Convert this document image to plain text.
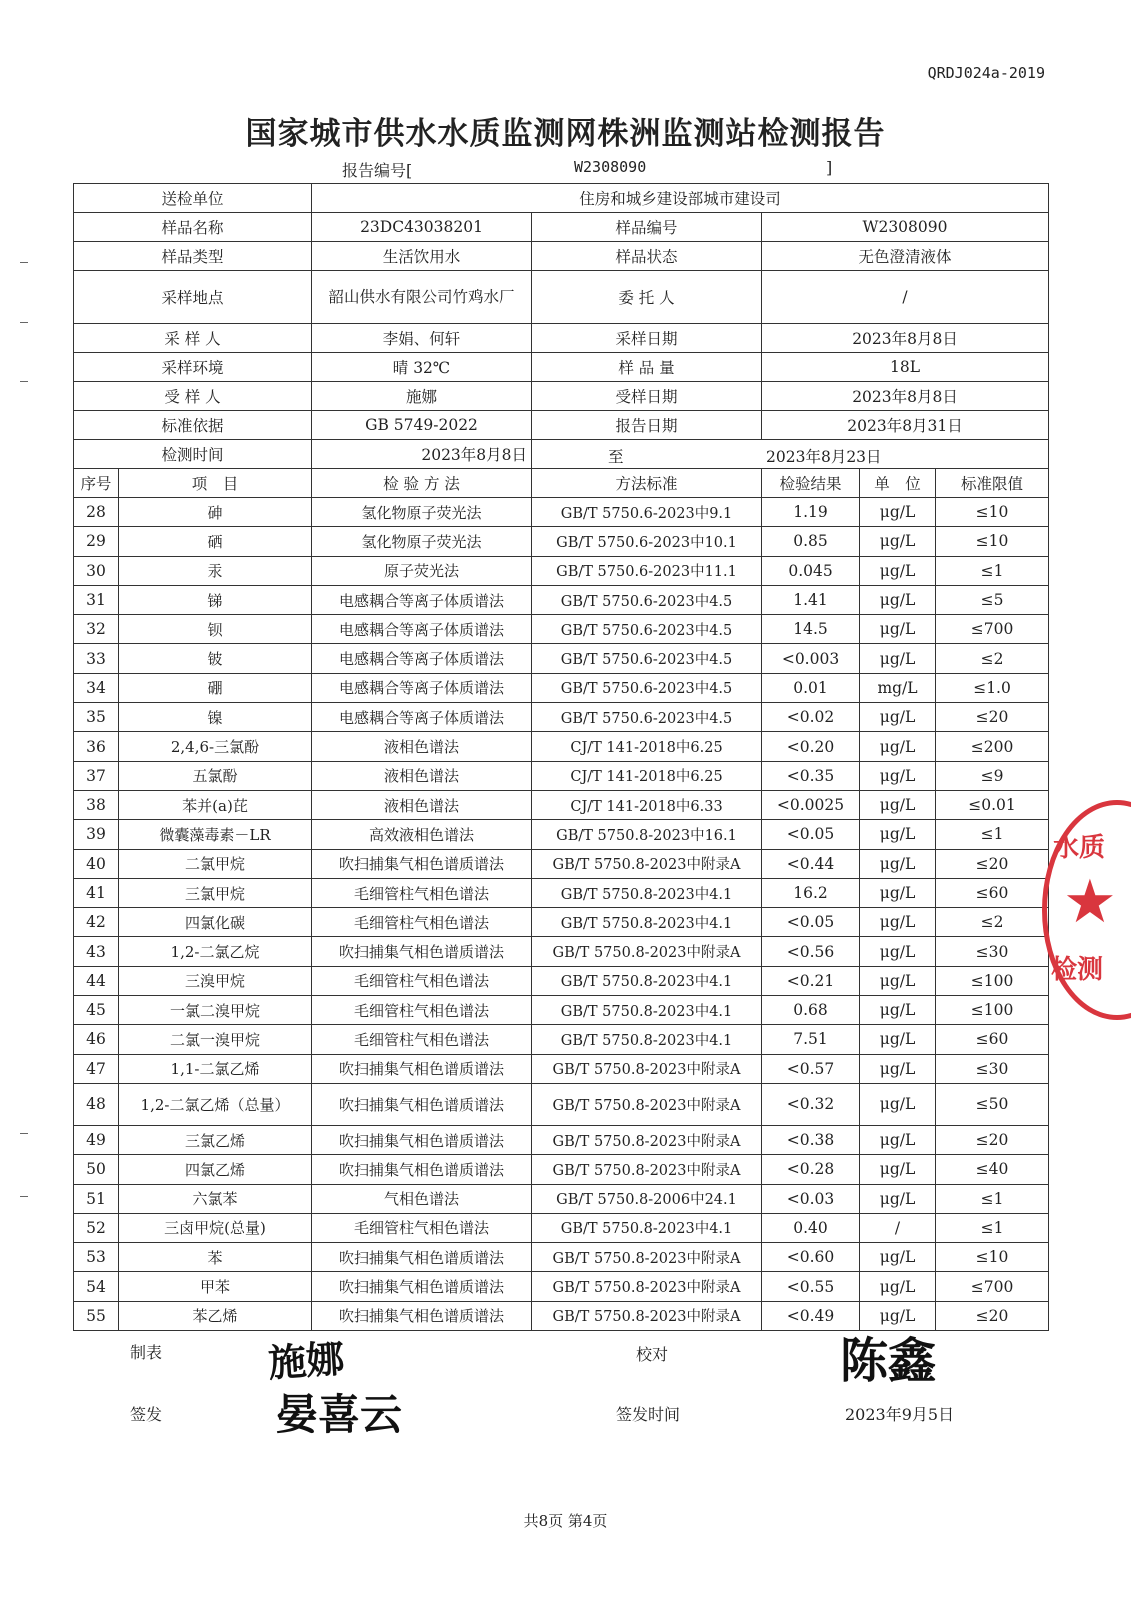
QRDJ024a-2019
国家城市供水水质监测网株洲监测站检测报告
报告编号[	W2308090	]
送检单位		住房和城乡建设部城市建设司				
样品名称		23DC43038201	样品编号	W2308090		
样品类型		生活饮用水	样品状态	无色澄清液体		
采样地点		韶山供水有限公司竹鸡水厂	委 托 人	/		
采 样 人		李娟、何轩	采样日期	2023年8月8日		
采样环境		晴 32℃	样 品 量	18L		
受 样 人		施娜	受样日期	2023年8月8日		
标准依据		GB 5749-2022	报告日期	2023年8月31日		
检测时间		2023年8月8日	至 2023年8月23日			

序号	项　目	检 验 方 法	方法标准	检验结果	单　位	标准限值
28	砷	氢化物原子荧光法	GB/T 5750.6-2023中9.1	1.19	μg/L	≤10
29	硒	氢化物原子荧光法	GB/T 5750.6-2023中10.1	0.85	μg/L	≤10
30	汞	原子荧光法	GB/T 5750.6-2023中11.1	0.045	μg/L	≤1
31	锑	电感耦合等离子体质谱法	GB/T 5750.6-2023中4.5	1.41	μg/L	≤5
32	钡	电感耦合等离子体质谱法	GB/T 5750.6-2023中4.5	14.5	μg/L	≤700
33	铍	电感耦合等离子体质谱法	GB/T 5750.6-2023中4.5	<0.003	μg/L	≤2
34	硼	电感耦合等离子体质谱法	GB/T 5750.6-2023中4.5	0.01	mg/L	≤1.0
35	镍	电感耦合等离子体质谱法	GB/T 5750.6-2023中4.5	<0.02	μg/L	≤20
36	2,4,6-三氯酚	液相色谱法	CJ/T 141-2018中6.25	<0.20	μg/L	≤200
37	五氯酚	液相色谱法	CJ/T 141-2018中6.25	<0.35	μg/L	≤9
38	苯并(a)芘	液相色谱法	CJ/T 141-2018中6.33	<0.0025	μg/L	≤0.01
39	微囊藻毒素－LR	高效液相色谱法	GB/T 5750.8-2023中16.1	<0.05	μg/L	≤1
40	二氯甲烷	吹扫捕集气相色谱质谱法	GB/T 5750.8-2023中附录A	<0.44	μg/L	≤20
41	三氯甲烷	毛细管柱气相色谱法	GB/T 5750.8-2023中4.1	16.2	μg/L	≤60
42	四氯化碳	毛细管柱气相色谱法	GB/T 5750.8-2023中4.1	<0.05	μg/L	≤2
43	1,2-二氯乙烷	吹扫捕集气相色谱质谱法	GB/T 5750.8-2023中附录A	<0.56	μg/L	≤30
44	三溴甲烷	毛细管柱气相色谱法	GB/T 5750.8-2023中4.1	<0.21	μg/L	≤100
45	一氯二溴甲烷	毛细管柱气相色谱法	GB/T 5750.8-2023中4.1	0.68	μg/L	≤100
46	二氯一溴甲烷	毛细管柱气相色谱法	GB/T 5750.8-2023中4.1	7.51	μg/L	≤60
47	1,1-二氯乙烯	吹扫捕集气相色谱质谱法	GB/T 5750.8-2023中附录A	<0.57	μg/L	≤30
48	1,2-二氯乙烯（总量）	吹扫捕集气相色谱质谱法	GB/T 5750.8-2023中附录A	<0.32	μg/L	≤50
49	三氯乙烯	吹扫捕集气相色谱质谱法	GB/T 5750.8-2023中附录A	<0.38	μg/L	≤20
50	四氯乙烯	吹扫捕集气相色谱质谱法	GB/T 5750.8-2023中附录A	<0.28	μg/L	≤40
51	六氯苯	气相色谱法	GB/T 5750.8-2006中24.1	<0.03	μg/L	≤1
52	三卤甲烷(总量)	毛细管柱气相色谱法	GB/T 5750.8-2023中4.1	0.40	/	≤1
53	苯	吹扫捕集气相色谱质谱法	GB/T 5750.8-2023中附录A	<0.60	μg/L	≤10
54	甲苯	吹扫捕集气相色谱质谱法	GB/T 5750.8-2023中附录A	<0.55	μg/L	≤700
55	苯乙烯	吹扫捕集气相色谱质谱法	GB/T 5750.8-2023中附录A	<0.49	μg/L	≤20
制表	施娜	校对	陈鑫
签发	晏喜云	签发时间	2023年9月5日
水质
★
检测
共8页 第4页
